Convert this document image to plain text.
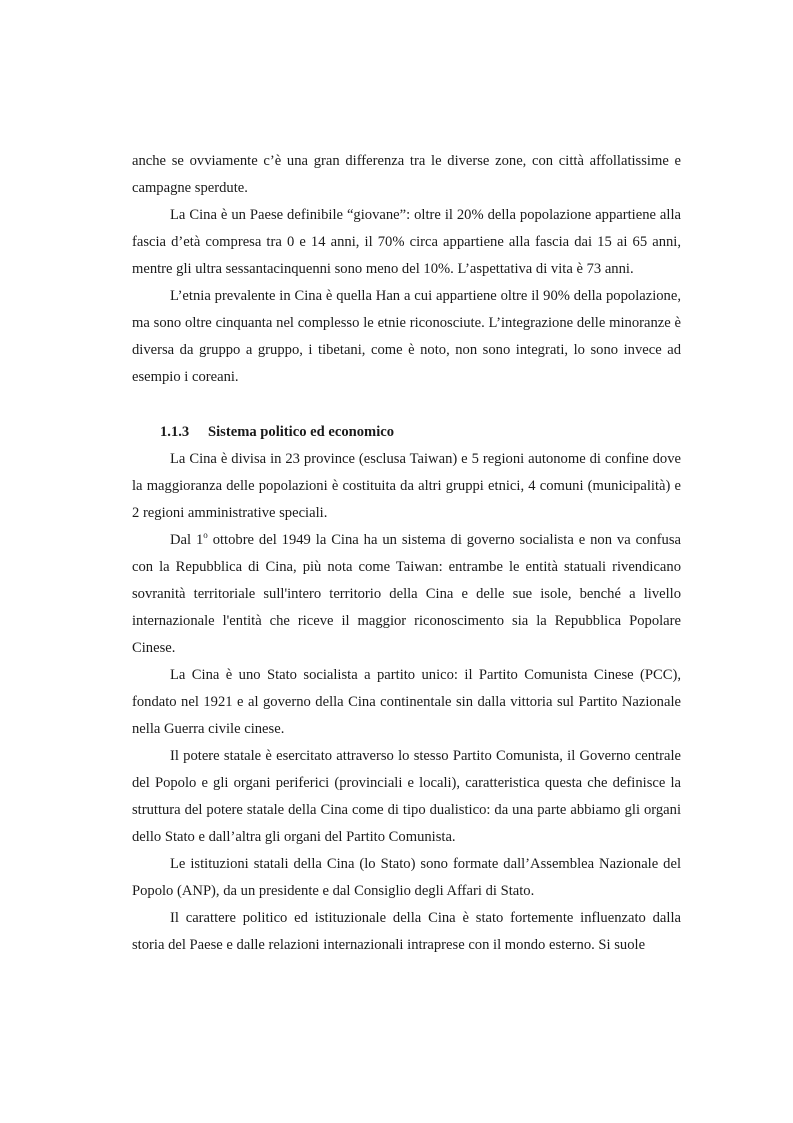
anche se ovviamente c’è una gran differenza tra le diverse zone, con città affollatissime e campagne sperdute.

La Cina è un Paese definibile “giovane”: oltre il 20% della popolazione appartiene alla fascia d’età compresa tra 0 e 14 anni, il 70% circa appartiene alla fascia dai 15 ai 65 anni, mentre gli ultra sessantacinquenni sono meno del 10%. L’aspettativa di vita è 73 anni.

L’etnia prevalente in Cina è quella Han a cui appartiene oltre il 90% della popolazione, ma sono oltre cinquanta nel complesso le etnie riconosciute. L’integrazione delle minoranze è diversa da gruppo a gruppo, i tibetani, come è noto, non sono integrati, lo sono invece ad esempio i coreani.

1.1.3	Sistema politico ed economico

La Cina è divisa in 23 province (esclusa Taiwan) e 5 regioni autonome di confine dove la maggioranza delle popolazioni è costituita da altri gruppi etnici, 4 comuni (municipalità) e 2 regioni amministrative speciali.

Dal 1$^o$ ottobre del 1949 la Cina ha un sistema di governo socialista e non va confusa con la Repubblica di Cina, più nota come Taiwan: entrambe le entità statuali rivendicano sovranità territoriale sull'intero territorio della Cina e delle sue isole, benché a livello internazionale l'entità che riceve il maggior riconoscimento sia la Repubblica Popolare Cinese.

La Cina è uno Stato socialista a partito unico: il Partito Comunista Cinese (PCC), fondato nel 1921 e al governo della Cina continentale sin dalla vittoria sul Partito Nazionale nella Guerra civile cinese.

Il potere statale è esercitato attraverso lo stesso Partito Comunista, il Governo centrale del Popolo e gli organi periferici (provinciali e locali), caratteristica questa che definisce la struttura del potere statale della Cina come di tipo dualistico: da una parte abbiamo gli organi dello Stato e dall’altra gli organi del Partito Comunista.

Le istituzioni statali della Cina (lo Stato) sono formate dall’Assemblea Nazionale del Popolo (ANP), da un presidente e dal Consiglio degli Affari di Stato.

Il carattere politico ed istituzionale della Cina è stato fortemente influenzato dalla storia del Paese e dalle relazioni internazionali intraprese con il mondo esterno. Si suole
